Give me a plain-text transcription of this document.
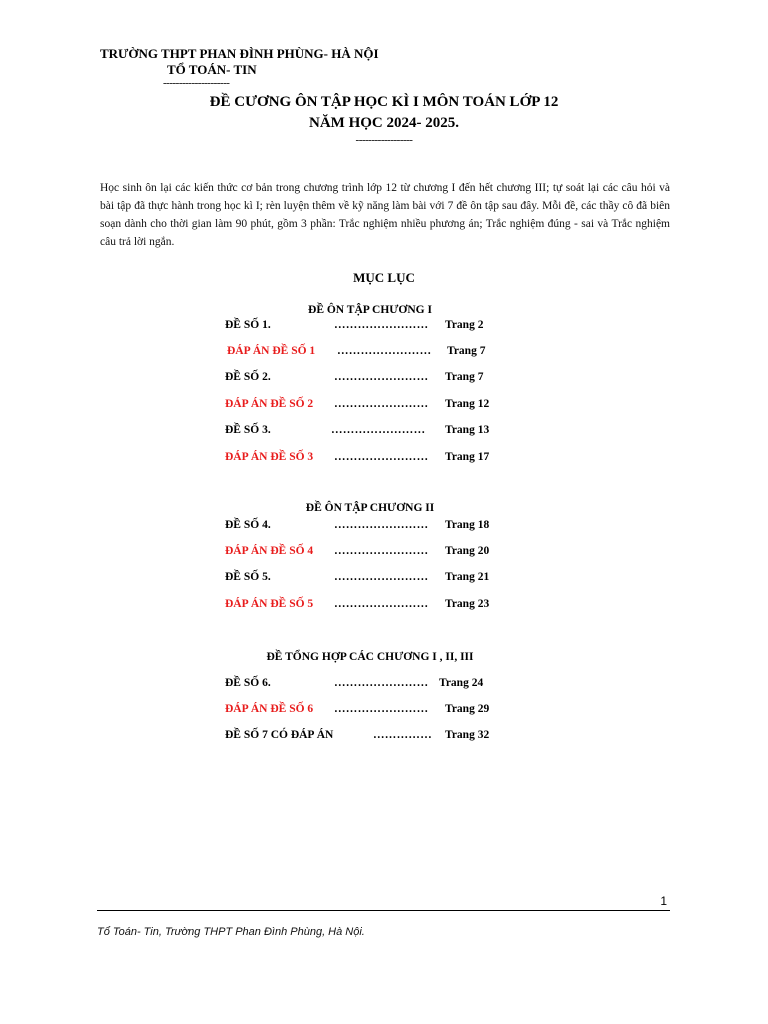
TRƯỜNG THPT PHAN ĐÌNH PHÙNG- HÀ NỘI
TỔ TOÁN- TIN
---------------------
ĐỀ CƯƠNG ÔN TẬP HỌC KÌ I MÔN TOÁN LỚP 12
NĂM HỌC 2024- 2025.
------------------
Học sinh ôn lại các kiến thức cơ bản trong chương trình lớp 12 từ chương I đến hết chương III; tự soát lại các câu hỏi và bài tập đã thực hành trong học kì I; rèn luyện thêm về kỹ năng làm bài với 7 đề ôn tập sau đây. Mỗi đề, các thầy cô đã biên soạn dành cho thời gian làm 90 phút, gồm 3 phần: Trắc nghiệm nhiều phương án; Trắc nghiệm đúng - sai và Trắc nghiệm câu trả lời ngắn.
MỤC LỤC
ĐỀ ÔN TẬP CHƯƠNG I
ĐỀ SỐ 1.	…………………… Trang 2
ĐÁP ÁN ĐỀ SỐ 1 …………………… Trang 7
ĐỀ SỐ 2.	…………………… Trang 7
ĐÁP ÁN ĐỀ SỐ 2 …………………… Trang 12
ĐỀ SỐ 3.	…………………… Trang 13
ĐÁP ÁN ĐỀ SỐ 3 …………………… Trang 17
ĐỀ ÔN TẬP CHƯƠNG II
ĐỀ SỐ 4.	…………………… Trang 18
ĐÁP ÁN ĐỀ SỐ 4 …………………… Trang 20
ĐỀ SỐ 5.	…………………… Trang 21
ĐÁP ÁN ĐỀ SỐ 5 …………………… Trang 23
ĐỀ TỔNG HỢP CÁC CHƯƠNG I , II, III
ĐỀ SỐ 6.	…………………… Trang 24
ĐÁP ÁN ĐỀ SỐ 6 …………………… Trang 29
ĐỀ SỐ 7 CÓ ĐÁP ÁN	…………… Trang 32
1
Tổ Toán- Tin, Trường THPT Phan Đình Phùng, Hà Nội.
